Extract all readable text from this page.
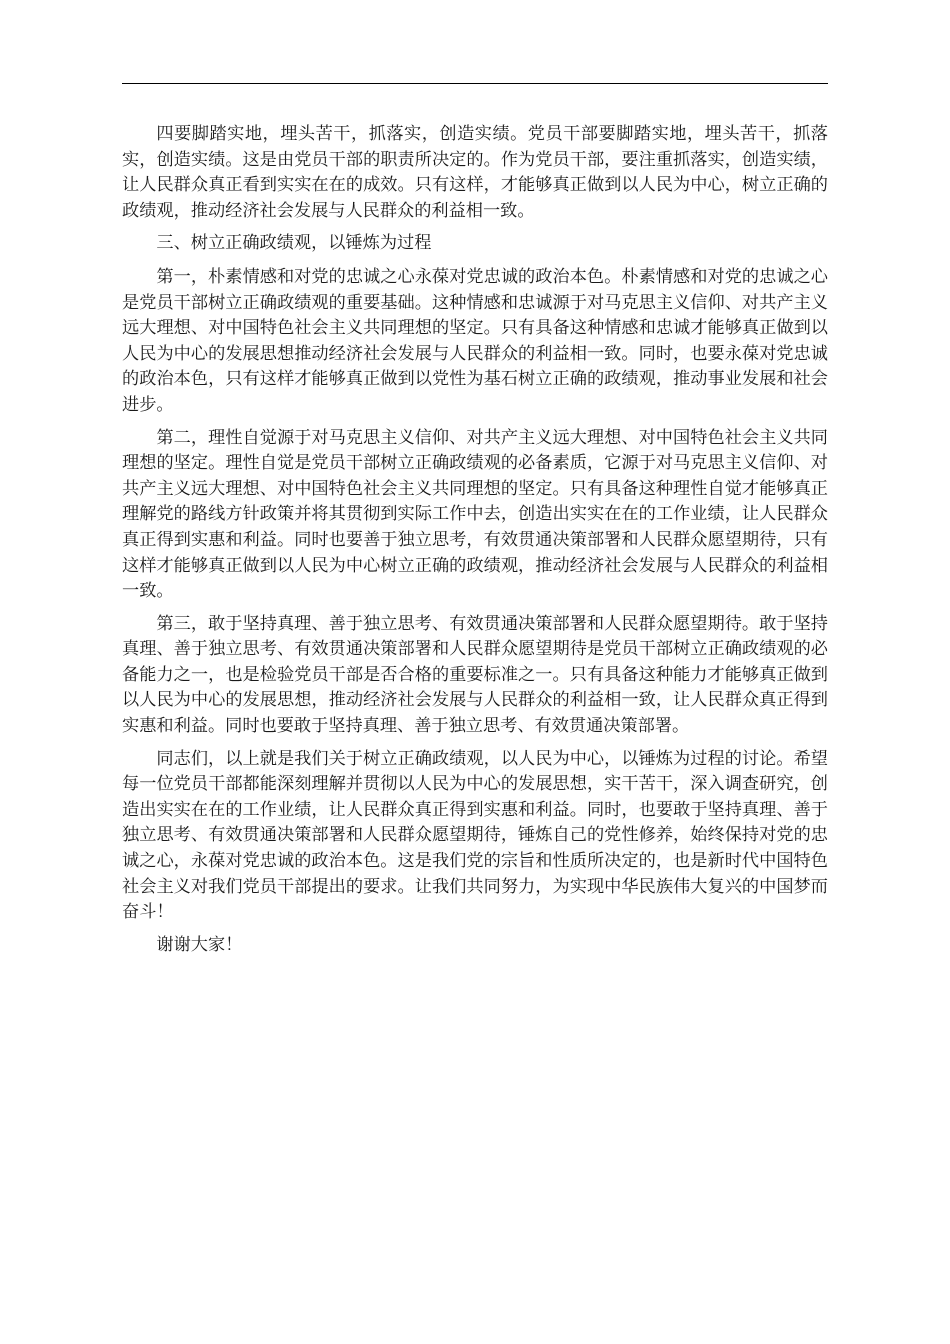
四要脚踏实地，埋头苦干，抓落实，创造实绩。党员干部要脚踏实地，埋头苦干，抓落实，创造实绩。这是由党员干部的职责所决定的。作为党员干部，要注重抓落实，创造实绩，让人民群众真正看到实实在在的成效。只有这样，才能够真正做到以人民为中心，树立正确的政绩观，推动经济社会发展与人民群众的利益相一致。

三、树立正确政绩观，以锤炼为过程

第一，朴素情感和对党的忠诚之心永葆对党忠诚的政治本色。朴素情感和对党的忠诚之心是党员干部树立正确政绩观的重要基础。这种情感和忠诚源于对马克思主义信仰、对共产主义远大理想、对中国特色社会主义共同理想的坚定。只有具备这种情感和忠诚才能够真正做到以人民为中心的发展思想推动经济社会发展与人民群众的利益相一致。同时，也要永葆对党忠诚的政治本色，只有这样才能够真正做到以党性为基石树立正确的政绩观，推动事业发展和社会进步。

第二，理性自觉源于对马克思主义信仰、对共产主义远大理想、对中国特色社会主义共同理想的坚定。理性自觉是党员干部树立正确政绩观的必备素质，它源于对马克思主义信仰、对共产主义远大理想、对中国特色社会主义共同理想的坚定。只有具备这种理性自觉才能够真正理解党的路线方针政策并将其贯彻到实际工作中去，创造出实实在在的工作业绩，让人民群众真正得到实惠和利益。同时也要善于独立思考，有效贯通决策部署和人民群众愿望期待，只有这样才能够真正做到以人民为中心树立正确的政绩观，推动经济社会发展与人民群众的利益相一致。

第三，敢于坚持真理、善于独立思考、有效贯通决策部署和人民群众愿望期待。敢于坚持真理、善于独立思考、有效贯通决策部署和人民群众愿望期待是党员干部树立正确政绩观的必备能力之一，也是检验党员干部是否合格的重要标准之一。只有具备这种能力才能够真正做到以人民为中心的发展思想，推动经济社会发展与人民群众的利益相一致，让人民群众真正得到实惠和利益。同时也要敢于坚持真理、善于独立思考、有效贯通决策部署。

同志们，以上就是我们关于树立正确政绩观，以人民为中心，以锤炼为过程的讨论。希望每一位党员干部都能深刻理解并贯彻以人民为中心的发展思想，实干苦干，深入调查研究，创造出实实在在的工作业绩，让人民群众真正得到实惠和利益。同时，也要敢于坚持真理、善于独立思考、有效贯通决策部署和人民群众愿望期待，锤炼自己的党性修养，始终保持对党的忠诚之心，永葆对党忠诚的政治本色。这是我们党的宗旨和性质所决定的，也是新时代中国特色社会主义对我们党员干部提出的要求。让我们共同努力，为实现中华民族伟大复兴的中国梦而奋斗！

谢谢大家！
